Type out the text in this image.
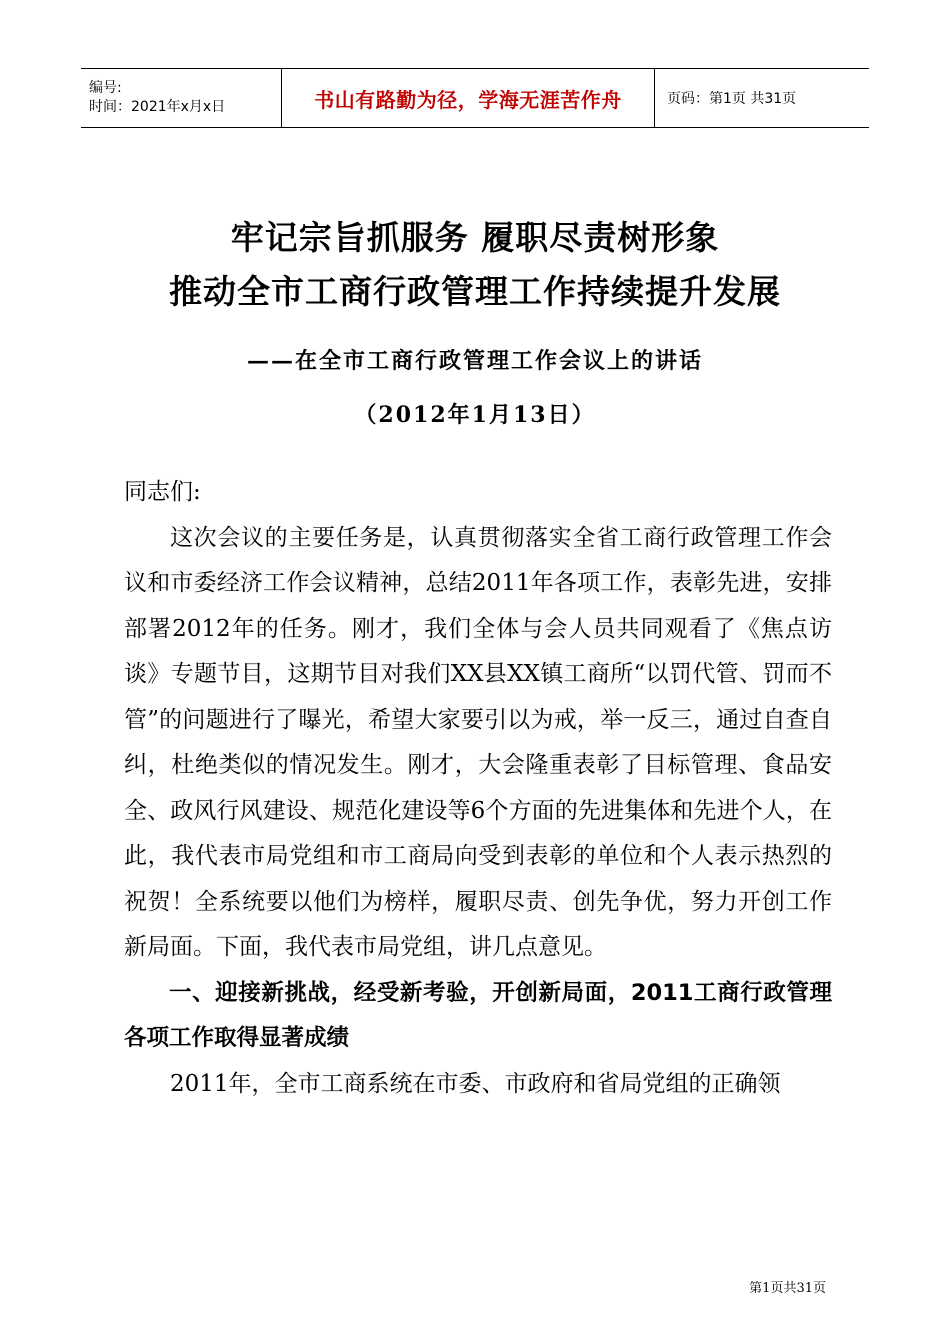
编号:
时间：2021年x月x日	书山有路勤为径，学海无涯苦作舟	页码：第1页 共31页
牢记宗旨抓服务 履职尽责树形象
推动全市工商行政管理工作持续提升发展
——在全市工商行政管理工作会议上的讲话
（2012年1月13日）

同志们:

这次会议的主要任务是，认真贯彻落实全省工商行政管理工作会议和市委经济工作会议精神，总结2011年各项工作，表彰先进，安排部署2012年的任务。刚才，我们全体与会人员共同观看了《焦点访谈》专题节目，这期节目对我们XX县XX镇工商所“以罚代管、罚而不管”的问题进行了曝光，希望大家要引以为戒，举一反三，通过自查自纠，杜绝类似的情况发生。刚才，大会隆重表彰了目标管理、食品安全、政风行风建设、规范化建设等6个方面的先进集体和先进个人，在此，我代表市局党组和市工商局向受到表彰的单位和个人表示热烈的祝贺！全系统要以他们为榜样，履职尽责、创先争优，努力开创工作新局面。下面，我代表市局党组，讲几点意见。

一、迎接新挑战，经受新考验，开创新局面，2011工商行政管理各项工作取得显著成绩

2011年，全市工商系统在市委、市政府和省局党组的正确领

第1页共31页
